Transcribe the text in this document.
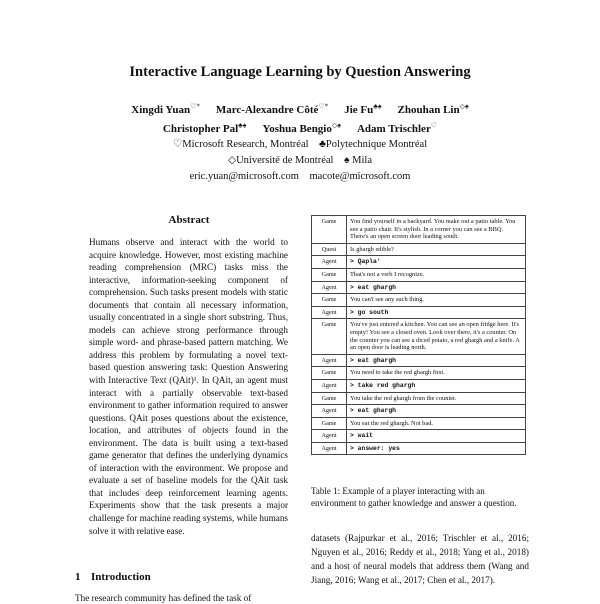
Interactive Language Learning by Question Answering
Xingdi Yuan♡* Marc-Alexandre Côté♡* Jie Fu♣♠ Zhouhan Lin◇♠
Christopher Pal♣♠ Yoshua Bengio◇♠ Adam Trischler♡
♡Microsoft Research, Montréal    ♣Polytechnique Montréal
◇Université de Montréal    ♠ Mila
eric.yuan@microsoft.com    macote@microsoft.com
Abstract

Humans observe and interact with the world to acquire knowledge. However, most existing machine reading comprehension (MRC) tasks miss the interactive, information-seeking component of comprehension. Such tasks present models with static documents that contain all necessary information, usually concentrated in a single short substring. Thus, models can achieve strong performance through simple word- and phrase-based pattern matching. We address this problem by formulating a novel text-based question answering task: Question Answering with Interactive Text (QAit)¹. In QAit, an agent must interact with a partially observable text-based environment to gather information required to answer questions. QAit poses questions about the existence, location, and attributes of objects found in the environment. The data is built using a text-based game generator that defines the underlying dynamics of interaction with the environment. We propose and evaluate a set of baseline models for the QAit task that includes deep reinforcement learning agents. Experiments show that the task presents a major challenge for machine reading systems, while humans solve it with relative ease.

1 Introduction
The research community has defined the task of
Game	You find yourself in a backyard. You make out a patio table. You see a patio chair. It's stylish. In a corner you can see a BBQ. There's an open screen door leading south.
Quest	Is ghargh edible?
Agent	> Qapla'
Game	That's not a verb I recognize.
Agent	> eat ghargh
Game	You can't see any such thing.
Agent	> go south
Game	You've just entered a kitchen. You can see an open fridge here. It's empty! You see a closed oven. Look over there, it's a counter. On the counter you can see a diced potato, a red ghargh and a knife. A an open door is leading north.
Agent	> eat ghargh
Game	You need to take the red ghargh first.
Agent	> take red ghargh
Game	You take the red ghargh from the counter.
Agent	> eat ghargh
Game	You eat the red ghargh. Not bad.
Agent	> wait
Agent	> answer: yes
Table 1: Example of a player interacting with an environment to gather knowledge and answer a question.

datasets (Rajpurkar et al., 2016; Trischler et al., 2016; Nguyen et al., 2016; Reddy et al., 2018; Yang et al., 2018) and a host of neural models that address them (Wang and Jiang, 2016; Wang et al., 2017; Chen et al., 2017).
